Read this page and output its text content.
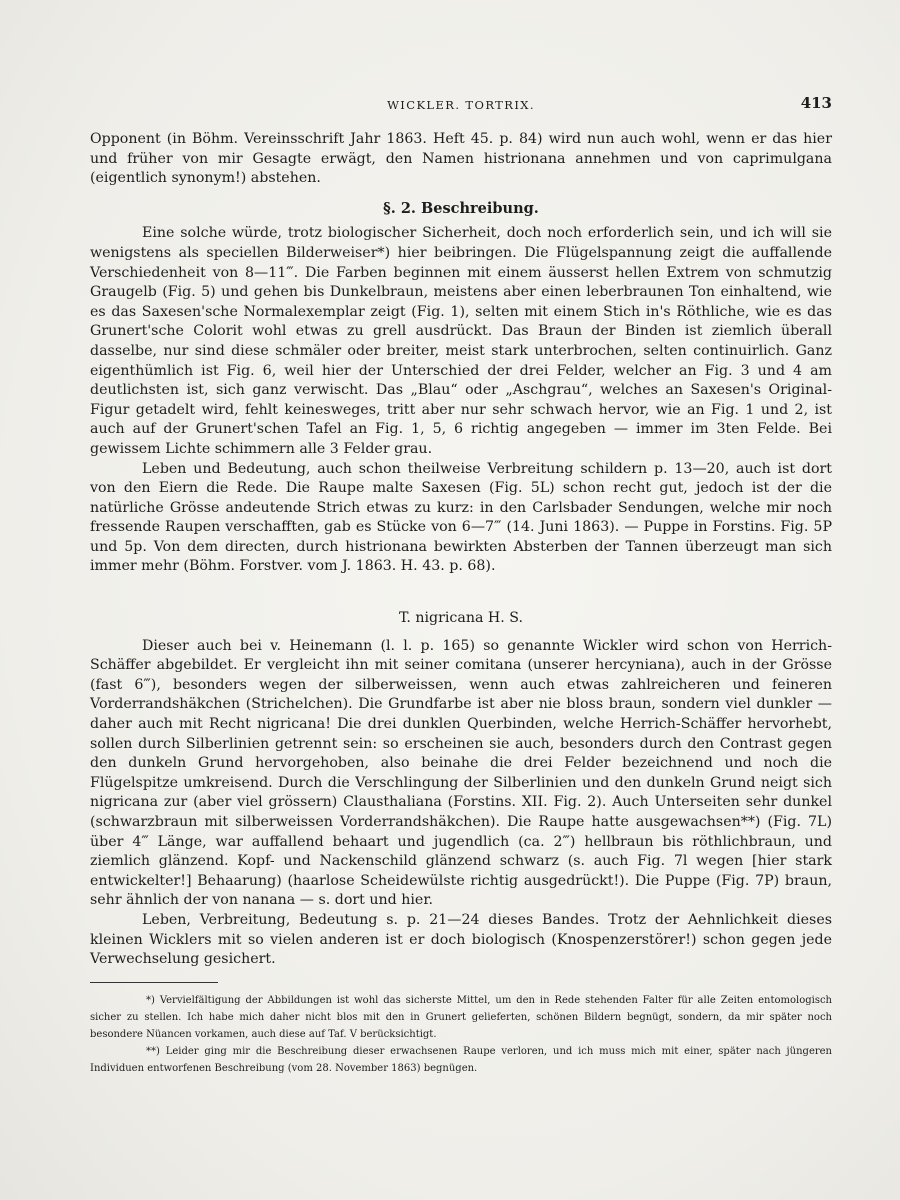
WICKLER. TORTRIX.	413

Opponent (in Böhm. Vereinsschrift Jahr 1863. Heft 45. p. 84) wird nun auch wohl, wenn er das hier und früher von mir Gesagte erwägt, den Namen histrionana annehmen und von caprimulgana (eigentlich synonym!) abstehen.

§. 2. Beschreibung.

Eine solche würde, trotz biologischer Sicherheit, doch noch erforderlich sein, und ich will sie wenigstens als speciellen Bilderweiser*) hier beibringen. Die Flügelspannung zeigt die auffallende Verschiedenheit von 8—11‴. Die Farben beginnen mit einem äusserst hellen Extrem von schmutzig Graugelb (Fig. 5) und gehen bis Dunkelbraun, meistens aber einen leberbraunen Ton einhaltend, wie es das Saxesen'sche Normalexemplar zeigt (Fig. 1), selten mit einem Stich in's Röthliche, wie es das Grunert'sche Colorit wohl etwas zu grell ausdrückt. Das Braun der Binden ist ziemlich überall dasselbe, nur sind diese schmäler oder breiter, meist stark unterbrochen, selten continuirlich. Ganz eigenthümlich ist Fig. 6, weil hier der Unterschied der drei Felder, welcher an Fig. 3 und 4 am deutlichsten ist, sich ganz verwischt. Das „Blau“ oder „Aschgrau“, welches an Saxesen's Original-Figur getadelt wird, fehlt keinesweges, tritt aber nur sehr schwach hervor, wie an Fig. 1 und 2, ist auch auf der Grunert'schen Tafel an Fig. 1, 5, 6 richtig angegeben — immer im 3ten Felde. Bei gewissem Lichte schimmern alle 3 Felder grau.

Leben und Bedeutung, auch schon theilweise Verbreitung schildern p. 13—20, auch ist dort von den Eiern die Rede. Die Raupe malte Saxesen (Fig. 5L) schon recht gut, jedoch ist der die natürliche Grösse andeutende Strich etwas zu kurz: in den Carlsbader Sendungen, welche mir noch fressende Raupen verschafften, gab es Stücke von 6—7‴ (14. Juni 1863). — Puppe in Forstins. Fig. 5P und 5p. Von dem directen, durch histrionana bewirkten Absterben der Tannen überzeugt man sich immer mehr (Böhm. Forstver. vom J. 1863. H. 43. p. 68).

T. nigricana H. S.

Dieser auch bei v. Heinemann (l. l. p. 165) so genannte Wickler wird schon von Herrich-Schäffer abgebildet. Er vergleicht ihn mit seiner comitana (unserer hercyniana), auch in der Grösse (fast 6‴), besonders wegen der silberweissen, wenn auch etwas zahlreicheren und feineren Vorderrandshäkchen (Strichelchen). Die Grundfarbe ist aber nie bloss braun, sondern viel dunkler — daher auch mit Recht nigricana! Die drei dunklen Querbinden, welche Herrich-Schäffer hervorhebt, sollen durch Silberlinien getrennt sein: so erscheinen sie auch, besonders durch den Contrast gegen den dunkeln Grund hervorgehoben, also beinahe die drei Felder bezeichnend und noch die Flügelspitze umkreisend. Durch die Verschlingung der Silberlinien und den dunkeln Grund neigt sich nigricana zur (aber viel grössern) Clausthaliana (Forstins. XII. Fig. 2). Auch Unterseiten sehr dunkel (schwarzbraun mit silberweissen Vorderrandshäkchen). Die Raupe hatte ausgewachsen**) (Fig. 7L) über 4‴ Länge, war auffallend behaart und jugendlich (ca. 2‴) hellbraun bis röthlichbraun, und ziemlich glänzend. Kopf- und Nackenschild glänzend schwarz (s. auch Fig. 7l wegen [hier stark entwickelter!] Behaarung) (haarlose Scheidewülste richtig ausgedrückt!). Die Puppe (Fig. 7P) braun, sehr ähnlich der von nanana — s. dort und hier.

Leben, Verbreitung, Bedeutung s. p. 21—24 dieses Bandes. Trotz der Aehnlichkeit dieses kleinen Wicklers mit so vielen anderen ist er doch biologisch (Knospenzerstörer!) schon gegen jede Verwechselung gesichert.

*) Vervielfältigung der Abbildungen ist wohl das sicherste Mittel, um den in Rede stehenden Falter für alle Zeiten entomologisch sicher zu stellen. Ich habe mich daher nicht blos mit den in Grunert gelieferten, schönen Bildern begnügt, sondern, da mir später noch besondere Nüancen vorkamen, auch diese auf Taf. V berücksichtigt.

**) Leider ging mir die Beschreibung dieser erwachsenen Raupe verloren, und ich muss mich mit einer, später nach jüngeren Individuen entworfenen Beschreibung (vom 28. November 1863) begnügen.
